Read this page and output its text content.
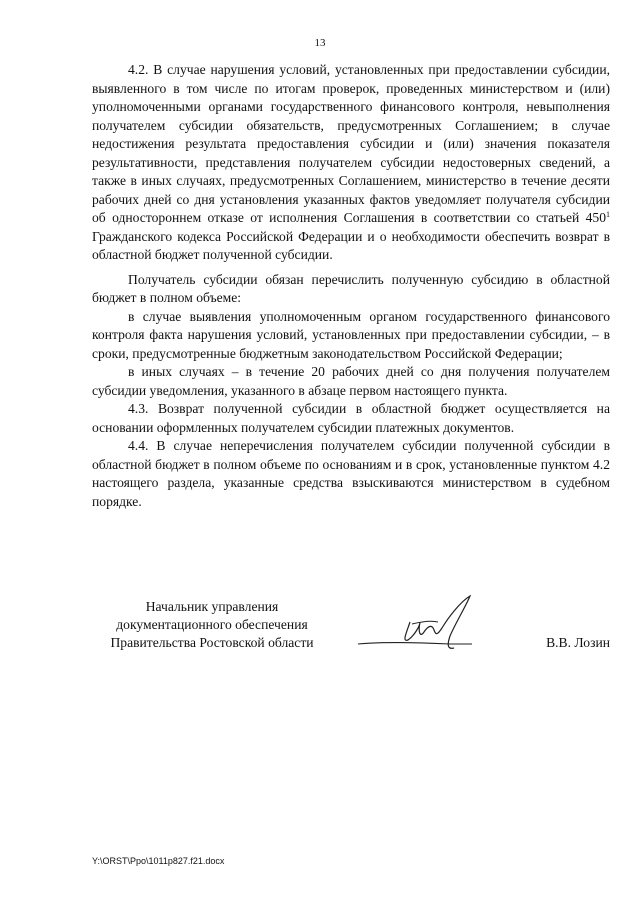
13

4.2. В случае нарушения условий, установленных при предоставлении субсидии, выявленного в том числе по итогам проверок, проведенных министерством и (или) уполномоченными органами государственного финансового контроля, невыполнения получателем субсидии обязательств, предусмотренных Соглашением; в случае недостижения результата предоставления субсидии и (или) значения показателя результативности, представления получателем субсидии недостоверных сведений, а также в иных случаях, предусмотренных Соглашением, министерство в течение десяти рабочих дней со дня установления указанных фактов уведомляет получателя субсидии об одностороннем отказе от исполнения Соглашения в соответствии со статьей $450^1$ Гражданского кодекса Российской Федерации и о необходимости обеспечить возврат в областной бюджет полученной субсидии.

Получатель субсидии обязан перечислить полученную субсидию в областной бюджет в полном объеме:

в случае выявления уполномоченным органом государственного финансового контроля факта нарушения условий, установленных при предоставлении субсидии, – в сроки, предусмотренные бюджетным законодательством Российской Федерации;

в иных случаях – в течение 20 рабочих дней со дня получения получателем субсидии уведомления, указанного в абзаце первом настоящего пункта.

4.3. Возврат полученной субсидии в областной бюджет осуществляется на основании оформленных получателем субсидии платежных документов.

4.4. В случае неперечисления получателем субсидии полученной субсидии в областной бюджет в полном объеме по основаниям и в срок, установленные пунктом 4.2 настоящего раздела, указанные средства взыскиваются министерством в судебном порядке.

Начальник управления
документационного обеспечения
Правительства Ростовской области	В.В. Лозин
Y:\ORST\Ppo\1011p827.f21.docx
